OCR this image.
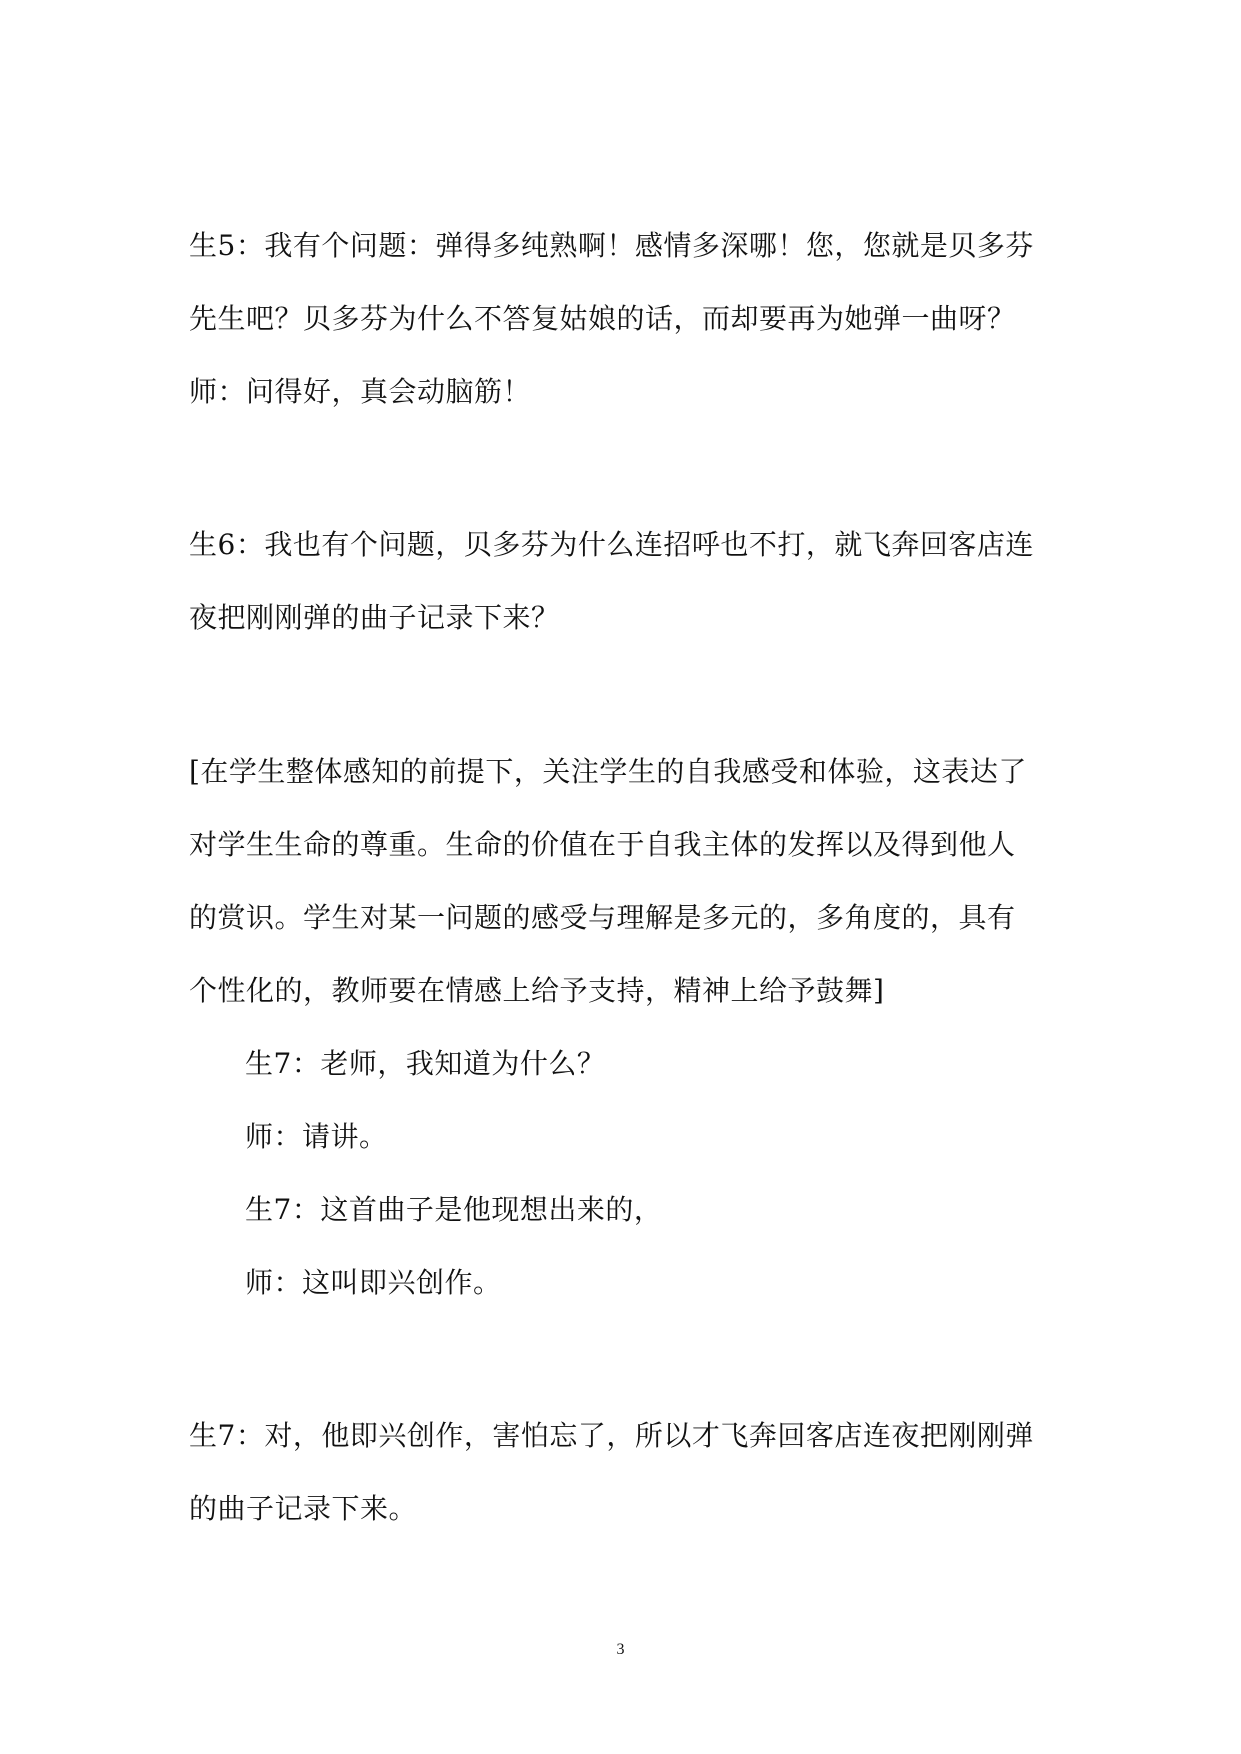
生5：我有个问题：弹得多纯熟啊！感情多深哪！您，您就是贝多芬
先生吧？贝多芬为什么不答复姑娘的话，而却要再为她弹一曲呀？
师：问得好，真会动脑筋！
生6：我也有个问题，贝多芬为什么连招呼也不打，就飞奔回客店连
夜把刚刚弹的曲子记录下来？
[在学生整体感知的前提下，关注学生的自我感受和体验，这表达了
对学生生命的尊重。生命的价值在于自我主体的发挥以及得到他人
的赏识。学生对某一问题的感受与理解是多元的，多角度的，具有
个性化的，教师要在情感上给予支持，精神上给予鼓舞]
生7：老师，我知道为什么？
师：请讲。
生7：这首曲子是他现想出来的，
师：这叫即兴创作。
生7：对，他即兴创作，害怕忘了，所以才飞奔回客店连夜把刚刚弹
的曲子记录下来。
3
